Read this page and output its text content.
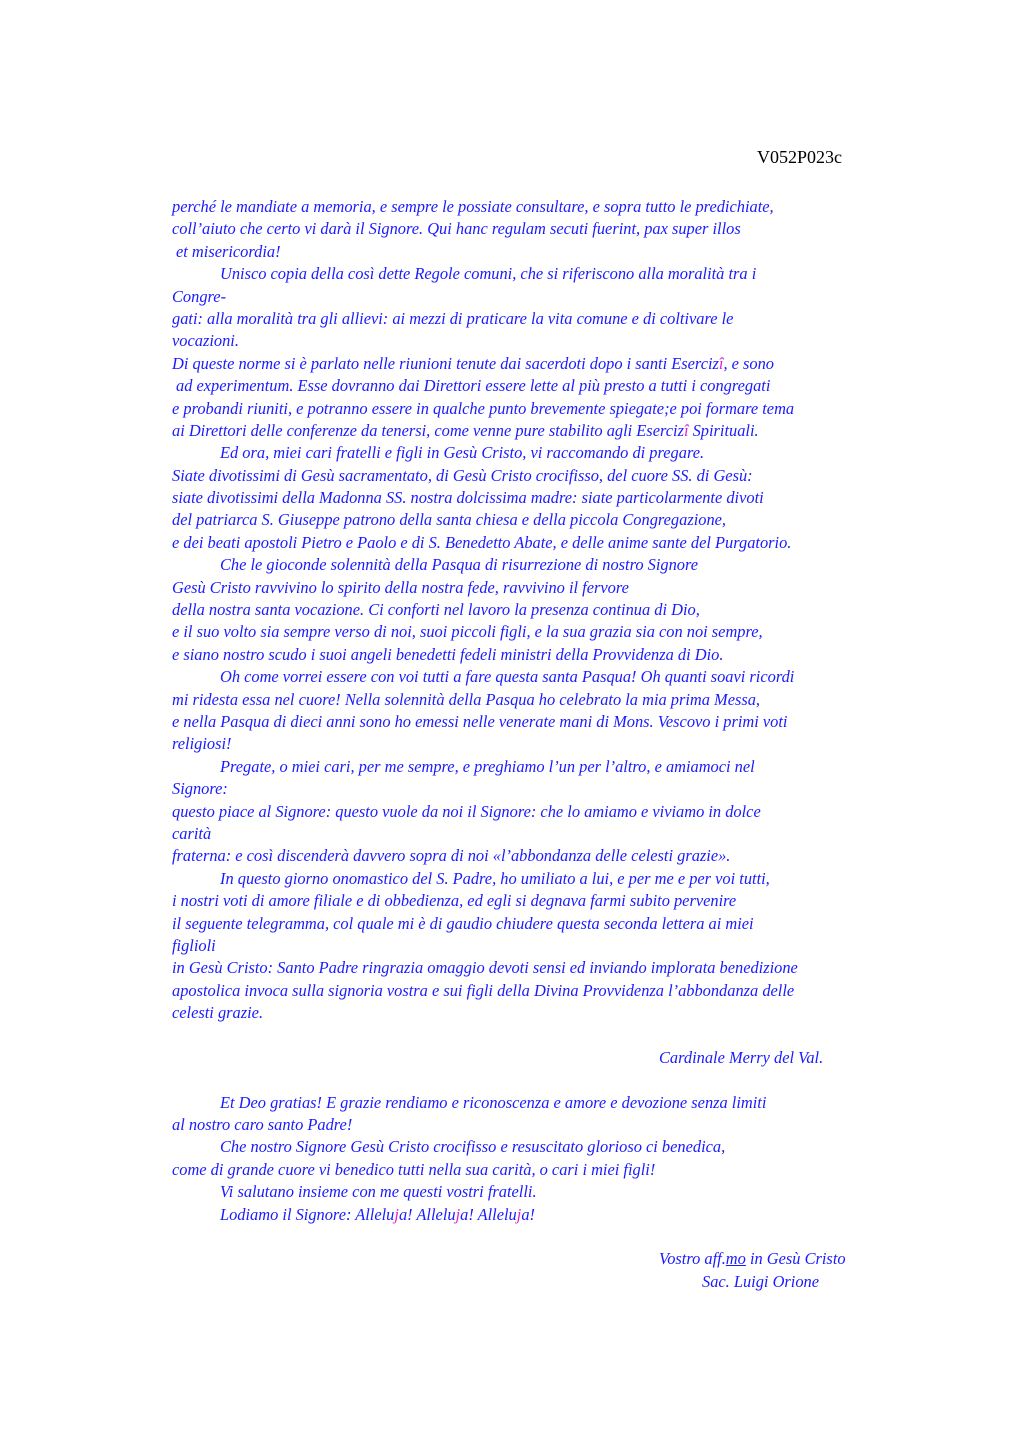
V052P023c
perché le mandiate a memoria, e sempre le possiate consultare, e sopra tutto le predichiate,
coll’aiuto che certo vi darà il Signore. Qui hanc regulam secuti fuerint, pax super illos
et misericordia!
Unisco copia della così dette Regole comuni, che si riferiscono alla moralità tra i
Congre-
gati: alla moralità tra gli allievi: ai mezzi di praticare la vita comune e di coltivare le
vocazioni.
Di queste norme si è parlato nelle riunioni tenute dai sacerdoti dopo i santi Esercizî, e sono
ad experimentum. Esse dovranno dai Direttori essere lette al più presto a tutti i congregati
e probandi riuniti, e potranno essere in qualche punto brevemente spiegate;e poi formare tema
ai Direttori delle conferenze da tenersi, come venne pure stabilito agli Esercizî Spirituali.
Ed ora, miei cari fratelli e figli in Gesù Cristo, vi raccomando di pregare.
Siate divotissimi di Gesù sacramentato, di Gesù Cristo crocifisso, del cuore SS. di Gesù:
siate divotissimi della Madonna SS. nostra dolcissima madre: siate particolarmente divoti
del patriarca S. Giuseppe patrono della santa chiesa e della piccola Congregazione,
e dei beati apostoli Pietro e Paolo e di S. Benedetto Abate, e delle anime sante del Purgatorio.
Che le gioconde solennità della Pasqua di risurrezione di nostro Signore
Gesù Cristo ravvivino lo spirito della nostra fede, ravvivino il fervore
della nostra santa vocazione. Ci conforti nel lavoro la presenza continua di Dio,
e il suo volto sia sempre verso di noi, suoi piccoli figli, e la sua grazia sia con noi sempre,
e siano nostro scudo i suoi angeli benedetti fedeli ministri della Provvidenza di Dio.
Oh come vorrei essere con voi tutti a fare questa santa Pasqua! Oh quanti soavi ricordi
mi ridesta essa nel cuore! Nella solennità della Pasqua ho celebrato la mia prima Messa,
e nella Pasqua di dieci anni sono ho emessi nelle venerate mani di Mons. Vescovo i primi voti
religiosi!
Pregate, o miei cari, per me sempre, e preghiamo l’un per l’altro, e amiamoci nel
Signore:
questo piace al Signore: questo vuole da noi il Signore: che lo amiamo e viviamo in dolce
carità
fraterna: e così discenderà davvero sopra di noi «l’abbondanza delle celesti grazie».
In questo giorno onomastico del S. Padre, ho umiliato a lui, e per me e per voi tutti,
i nostri voti di amore filiale e di obbedienza, ed egli si degnava farmi subito pervenire
il seguente telegramma, col quale mi è di gaudio chiudere questa seconda lettera ai miei
figlioli
in Gesù Cristo: Santo Padre ringrazia omaggio devoti sensi ed inviando implorata benedizione
apostolica invoca sulla signoria vostra e sui figli della Divina Provvidenza l’abbondanza delle
celesti grazie.
Cardinale Merry del Val.
Et Deo gratias! E grazie rendiamo e riconoscenza e amore e devozione senza limiti
al nostro caro santo Padre!
Che nostro Signore Gesù Cristo crocifisso e resuscitato glorioso ci benedica,
come di grande cuore vi benedico tutti nella sua carità, o cari i miei figli!
Vi salutano insieme con me questi vostri fratelli.
Lodiamo il Signore: Alleluja! Alleluja! Alleluja!
Vostro aff.mo in Gesù Cristo
Sac. Luigi Orione
